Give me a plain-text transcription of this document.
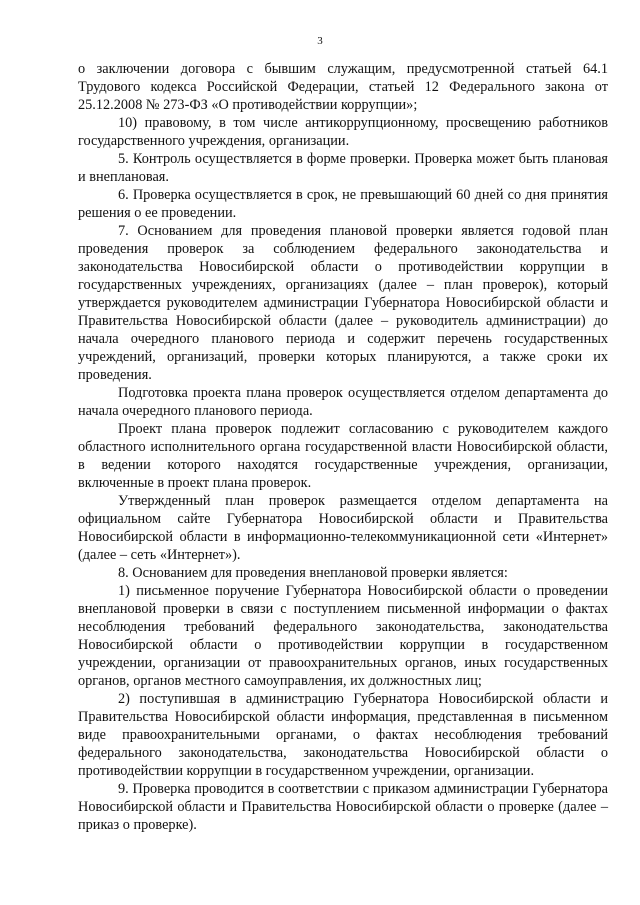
3

о заключении договора с бывшим служащим, предусмотренной статьей 64.1 Трудового кодекса Российской Федерации, статьей 12 Федерального закона от 25.12.2008 № 273-ФЗ «О противодействии коррупции»;

10) правовому, в том числе антикоррупционному, просвещению работников государственного учреждения, организации.

5. Контроль осуществляется в форме проверки. Проверка может быть плановая и внеплановая.

6. Проверка осуществляется в срок, не превышающий 60 дней со дня принятия решения о ее проведении.

7. Основанием для проведения плановой проверки является годовой план проведения проверок за соблюдением федерального законодательства и законодательства Новосибирской области о противодействии коррупции в государственных учреждениях, организациях (далее – план проверок), который утверждается руководителем администрации Губернатора Новосибирской области и Правительства Новосибирской области (далее – руководитель администрации) до начала очередного планового периода и содержит перечень государственных учреждений, организаций, проверки которых планируются, а также сроки их проведения.

Подготовка проекта плана проверок осуществляется отделом департамента до начала очередного планового периода.

Проект плана проверок подлежит согласованию с руководителем каждого областного исполнительного органа государственной власти Новосибирской области, в ведении которого находятся государственные учреждения, организации, включенные в проект плана проверок.

Утвержденный план проверок размещается отделом департамента на официальном сайте Губернатора Новосибирской области и Правительства Новосибирской области в информационно-телекоммуникационной сети «Интернет» (далее – сеть «Интернет»).

8. Основанием для проведения внеплановой проверки является:

1) письменное поручение Губернатора Новосибирской области о проведении внеплановой проверки в связи с поступлением письменной информации о фактах несоблюдения требований федерального законодательства, законодательства Новосибирской области о противодействии коррупции в государственном учреждении, организации от правоохранительных органов, иных государственных органов, органов местного самоуправления, их должностных лиц;

2) поступившая в администрацию Губернатора Новосибирской области и Правительства Новосибирской области информация, представленная в письменном виде правоохранительными органами, о фактах несоблюдения требований федерального законодательства, законодательства Новосибирской области о противодействии коррупции в государственном учреждении, организации.

9. Проверка проводится в соответствии с приказом администрации Губернатора Новосибирской области и Правительства Новосибирской области о проверке (далее – приказ о проверке).
